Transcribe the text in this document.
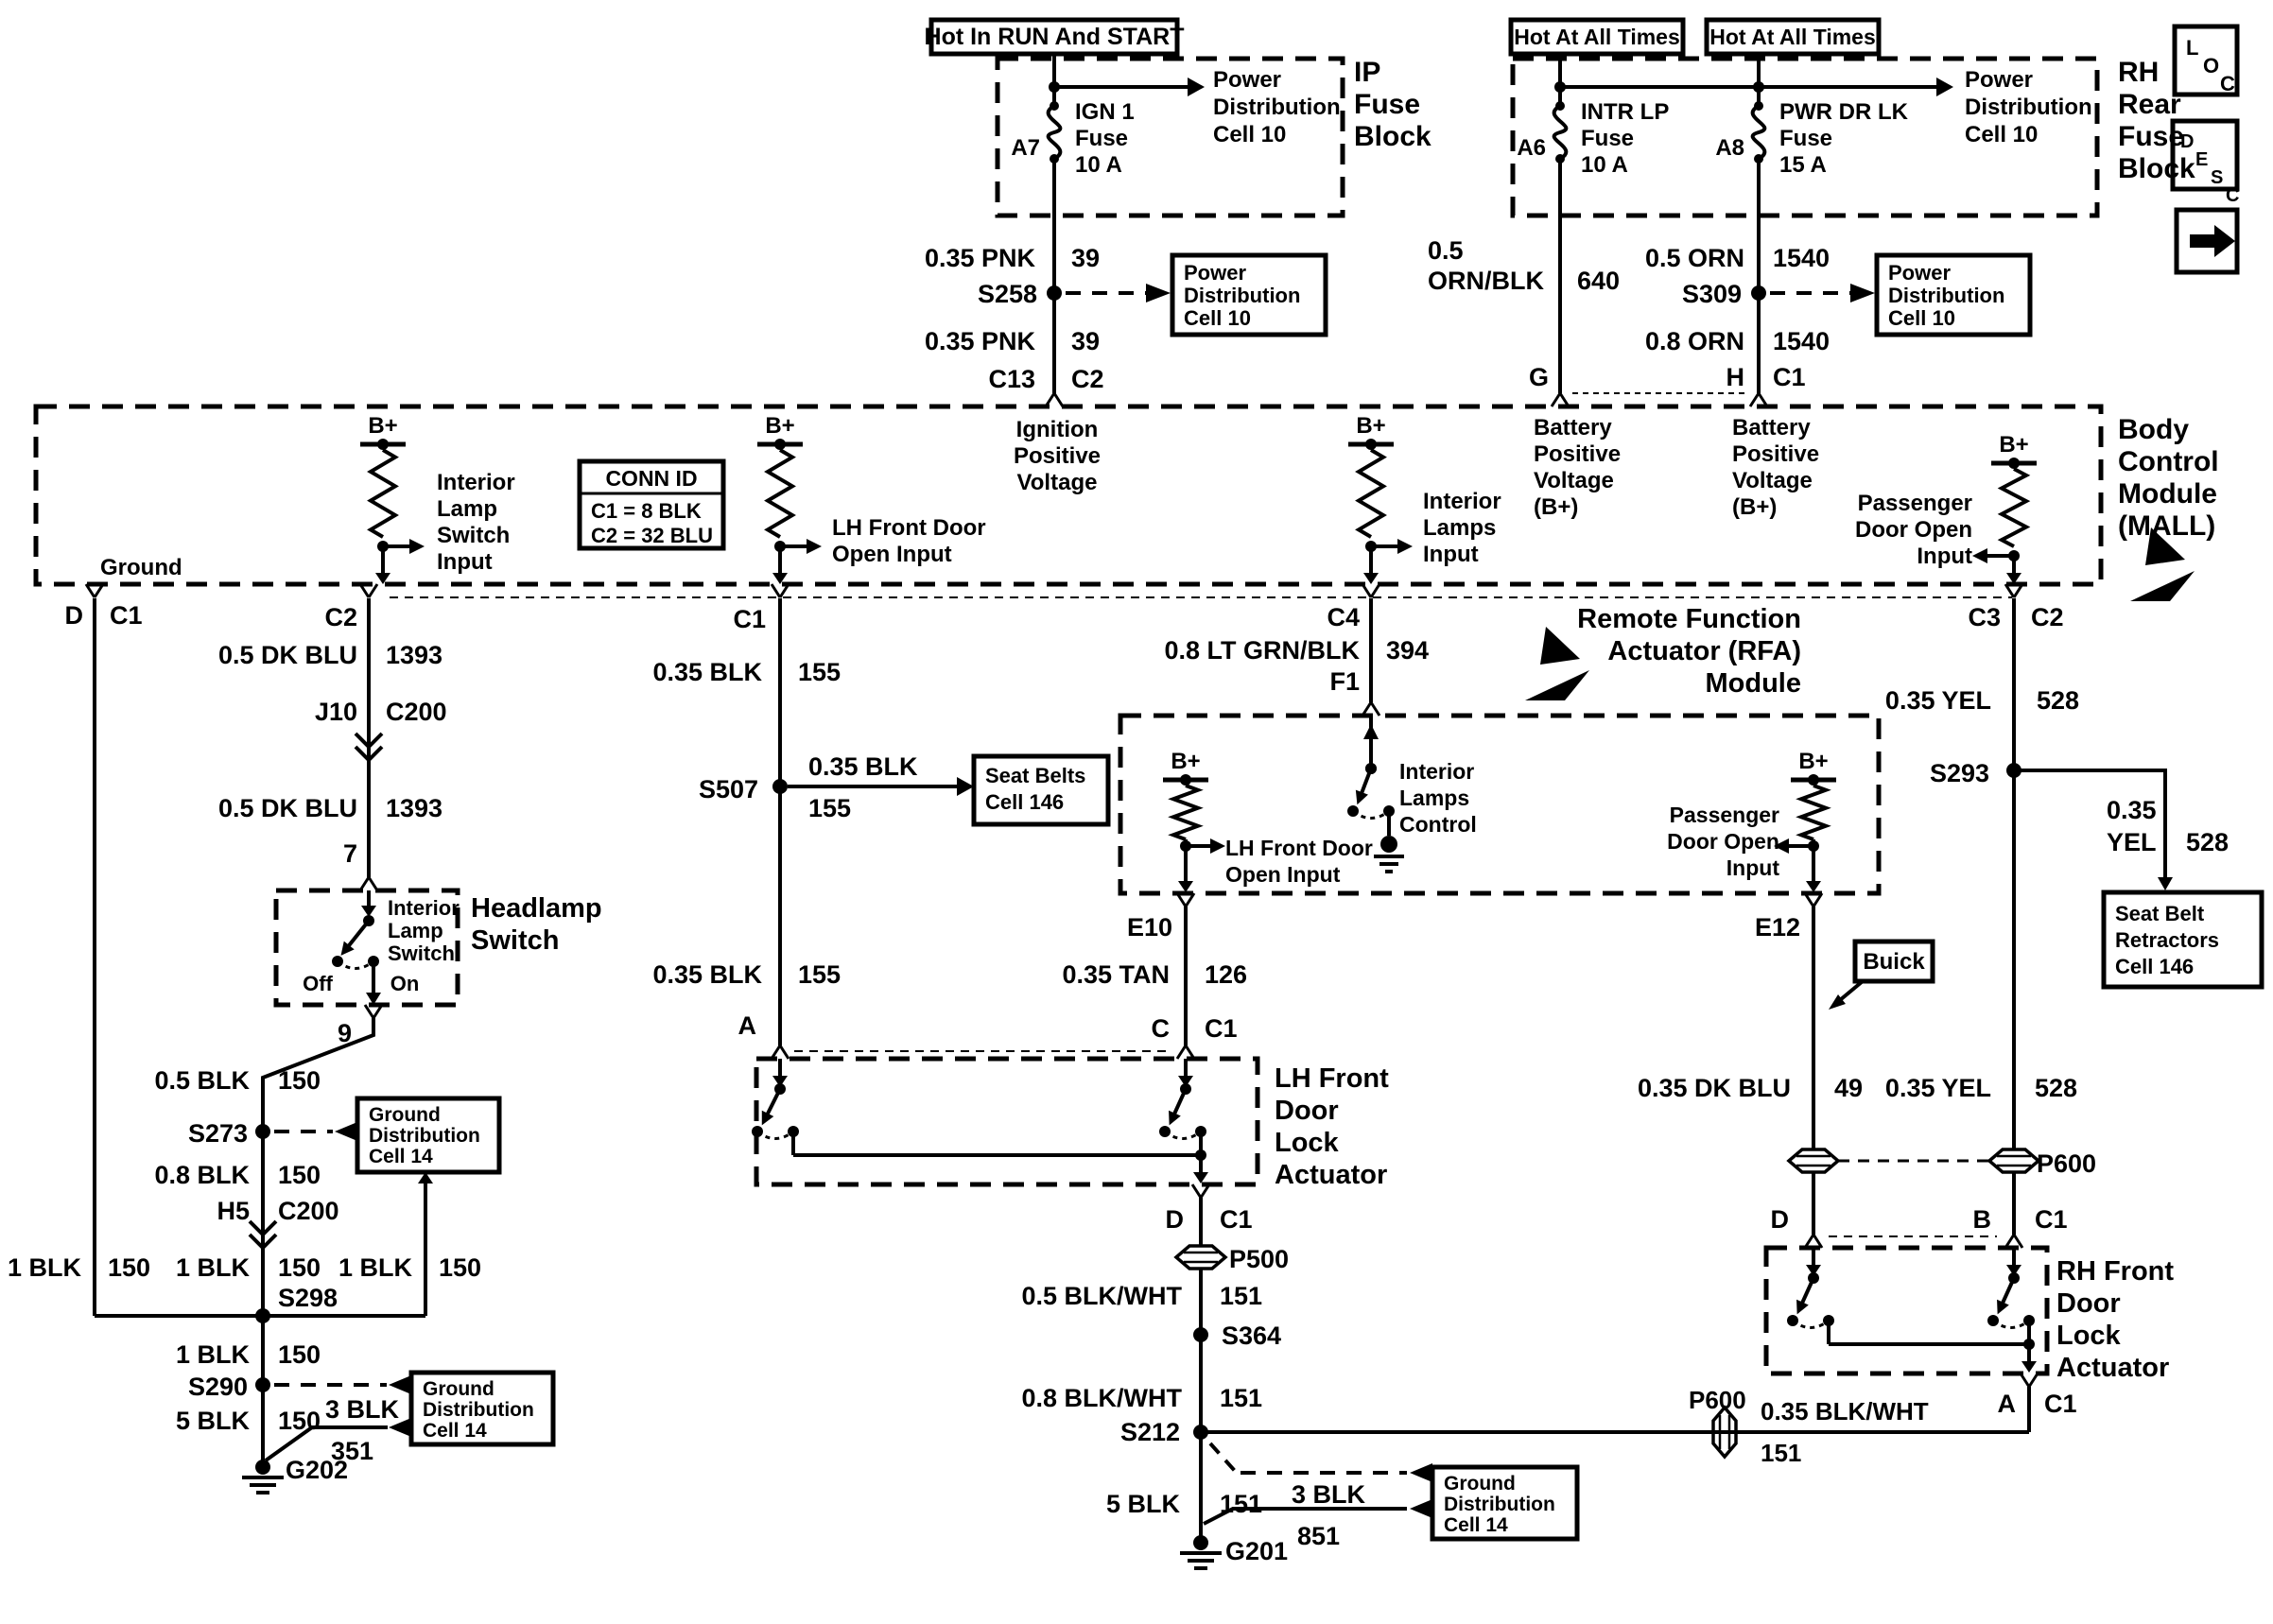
Hot In RUN And START	Hot At All Times Hot At All Times
Power
Distribution
Cell 10
IP
Fuse
Block
A7
IGN 1
Fuse
10 A
0.35 PNK 39
S258
0.35 PNK 39
C13 C2
Power
Distribution
Cell 10
A6
INTR LP
Fuse
10 A
A8
PWR DR LK
Fuse
15 A
Power
Distribution
Cell 10
RH
Rear
Fuse
Block
0.5
ORN/BLK 640
0.5 ORN 1540
S309
0.8 ORN 1540
G	H C1
Power
Distribution
Cell 10
Body
Control
Module
(MALL)
Ground
Ignition
Positive
Voltage
Battery
Positive
Voltage
(B+)
Battery
Positive
Voltage
(B+)
B+	B+	B+
B+
Interior
Lamp
Switch
Input
LH Front Door
Open Input
Interior
Lamps
Input
Passenger
Door Open
Input
CONN ID
C1 = 8 BLK
C2 = 32 BLU
D C1	C2	C1	C4	C3 C2
0.5 DK BLU 1393
J10 C200
0.5 DK BLU 1393
7
Headlamp
Switch
Interior
Lamp
Switch
Off	On
9
0.5 BLK 150
S273
Ground
Distribution
Cell 14
0.8 BLK 150
H5 C200
1 BLK 150 1 BLK 150 1 BLK 150
S298
1 BLK 150
S290	Ground
Distribution
Cell 14
5 BLK 150 3 BLK
351
G202
0.35 BLK 155
S507
0.35 BLK
155
Seat Belts
Cell 146
0.35 BLK 155
A
0.8 LT GRN/BLK 394
F1
Remote Function
Actuator (RFA)
Module
B+	B+
Interior
Lamps
Control
LH Front Door
Open Input
Passenger
Door Open
Input
E10	E12
0.35 TAN 126
C C1
LH Front
Door
Lock
Actuator
D C1
P500
0.5 BLK/WHT 151
S364
0.8 BLK/WHT 151
S212
5 BLK 151
G201
3 BLK
851
Ground
Distribution
Cell 14
0.35 YEL 528
S293
0.35
YEL 528
Seat Belt
Retractors
Cell 146
Buick
0.35 DK BLU 49 0.35 YEL 528
P600
D	B C1
RH Front
Door
Lock
Actuator
A C1
P600 0.35 BLK/WHT
151
L
O
C
D
E
S
C
